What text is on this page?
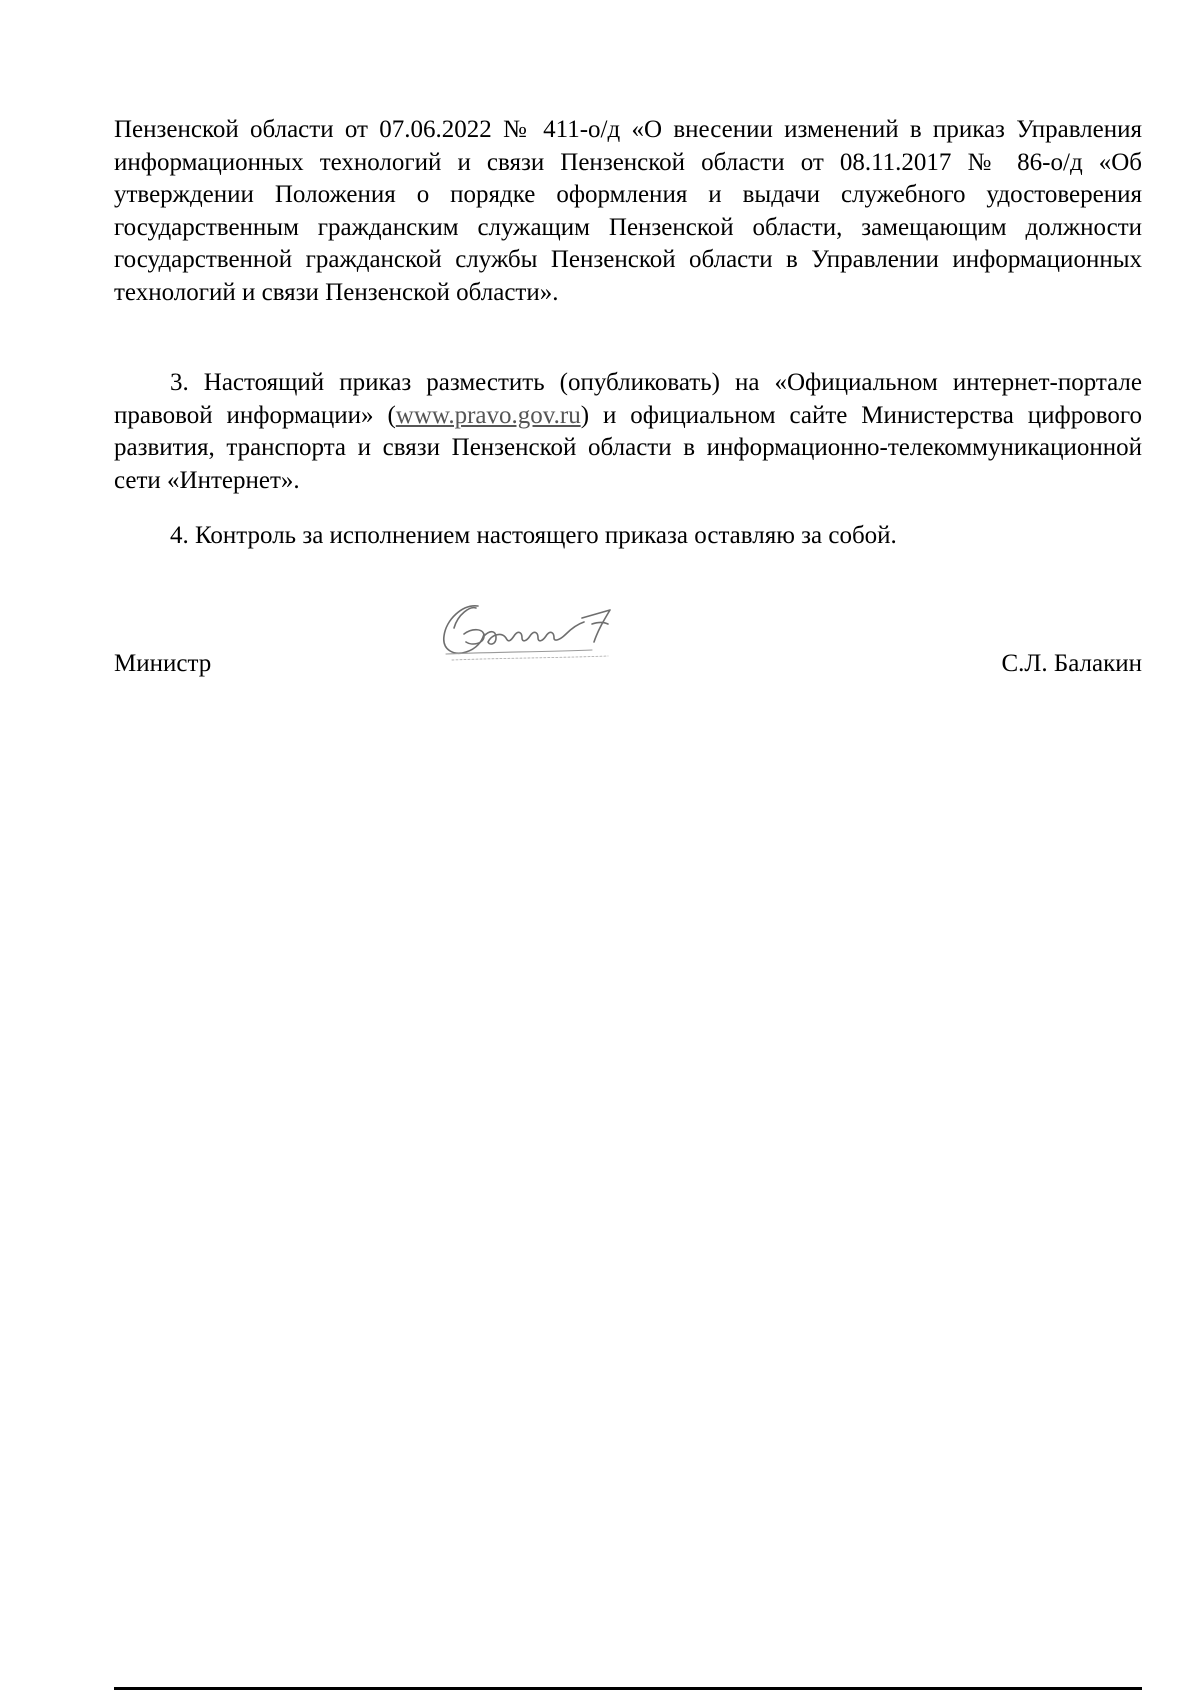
Пензенской области от 07.06.2022 № 411-о/д «О внесении изменений в приказ Управления информационных технологий и связи Пензенской области от 08.11.2017 № 86-о/д «Об утверждении Положения о порядке оформления и выдачи служебного удостоверения государственным гражданским служащим Пензенской области, замещающим должности государственной гражданской службы Пензенской области в Управлении информационных технологий и связи Пензенской области».

3. Настоящий приказ разместить (опубликовать) на «Официальном интернет-портале правовой информации» (www.pravo.gov.ru) и официальном сайте Министерства цифрового развития, транспорта и связи Пензенской области в информационно-телекоммуникационной сети «Интернет».

4. Контроль за исполнением настоящего приказа оставляю за собой.

Министр	С.Л. Балакин
